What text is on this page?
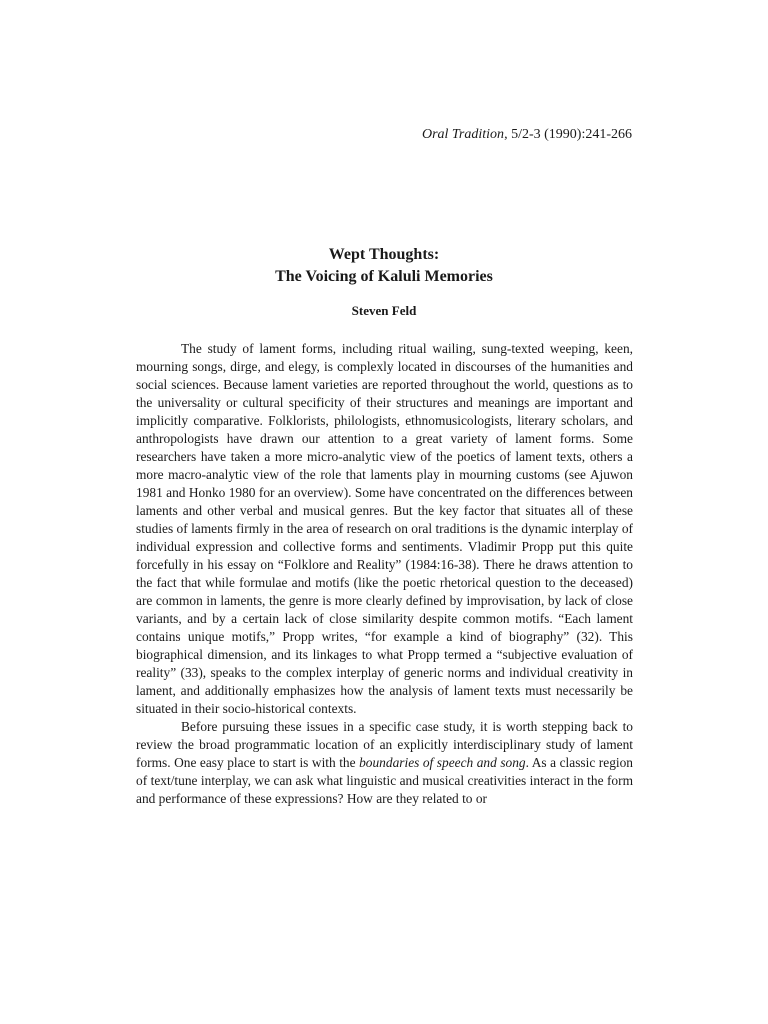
Oral Tradition, 5/2-3 (1990):241-266
Wept Thoughts:
The Voicing of Kaluli Memories
Steven Feld

The study of lament forms, including ritual wailing, sung-texted weeping, keen, mourning songs, dirge, and elegy, is complexly located in discourses of the humanities and social sciences. Because lament varieties are reported throughout the world, questions as to the universality or cultural specificity of their structures and meanings are important and implicitly comparative. Folklorists, philologists, ethnomusicologists, literary scholars, and anthropologists have drawn our attention to a great variety of lament forms. Some researchers have taken a more micro-analytic view of the poetics of lament texts, others a more macro-analytic view of the role that laments play in mourning customs (see Ajuwon 1981 and Honko 1980 for an overview). Some have concentrated on the differences between laments and other verbal and musical genres. But the key factor that situates all of these studies of laments firmly in the area of research on oral traditions is the dynamic interplay of individual expression and collective forms and sentiments. Vladimir Propp put this quite forcefully in his essay on “Folklore and Reality” (1984:16-38). There he draws attention to the fact that while formulae and motifs (like the poetic rhetorical question to the deceased) are common in laments, the genre is more clearly defined by improvisation, by lack of close variants, and by a certain lack of close similarity despite common motifs. “Each lament contains unique motifs,” Propp writes, “for example a kind of biography” (32). This biographical dimension, and its linkages to what Propp termed a “subjective evaluation of reality” (33), speaks to the complex interplay of generic norms and individual creativity in lament, and additionally emphasizes how the analysis of lament texts must necessarily be situated in their socio-historical contexts.

Before pursuing these issues in a specific case study, it is worth stepping back to review the broad programmatic location of an explicitly interdisciplinary study of lament forms. One easy place to start is with the boundaries of speech and song. As a classic region of text/tune interplay, we can ask what linguistic and musical creativities interact in the form and performance of these expressions? How are they related to or
